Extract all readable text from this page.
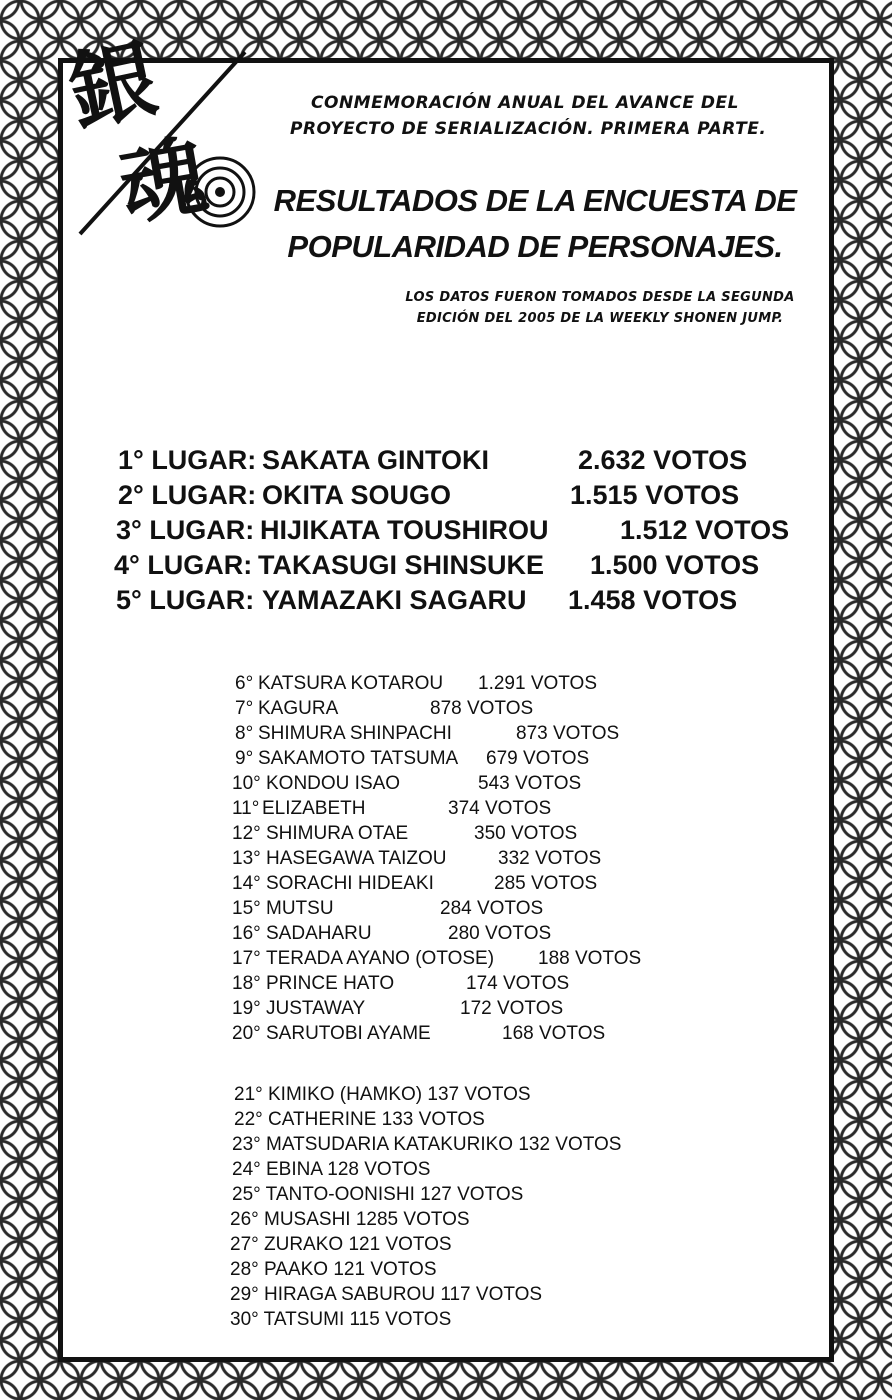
銀
魂
CONMEMORACIÓN ANUAL DEL AVANCE DEL
PROYECTO DE SERIALIZACIÓN. PRIMERA PARTE.
RESULTADOS DE LA ENCUESTA DE
POPULARIDAD DE PERSONAJES.
LOS DATOS FUERON TOMADOS DESDE LA SEGUNDA
EDICIÓN DEL 2005 DE LA WEEKLY SHONEN JUMP.
1° LUGAR: SAKATA GINTOKI	2.632 VOTOS
2° LUGAR: OKITA SOUGO	1.515 VOTOS
3° LUGAR: HIJIKATA TOUSHIROU	1.512 VOTOS
4° LUGAR: TAKASUGI SHINSUKE 1.500 VOTOS
5° LUGAR: YAMAZAKI SAGARU 1.458 VOTOS
6° KATSURA KOTAROU 1.291 VOTOS
7° KAGURA	878 VOTOS
8° SHIMURA SHINPACHI	873 VOTOS
9° SAKAMOTO TATSUMA 679 VOTOS
10° KONDOU ISAO	543 VOTOS
11° ELIZABETH	374 VOTOS
12° SHIMURA OTAE	350 VOTOS
13° HASEGAWA TAIZOU	332 VOTOS
14° SORACHI HIDEAKI	285 VOTOS
15° MUTSU	284 VOTOS
16° SADAHARU	280 VOTOS
17° TERADA AYANO (OTOSE) 188 VOTOS
18° PRINCE HATO	174 VOTOS
19° JUSTAWAY	172 VOTOS
20° SARUTOBI AYAME	168 VOTOS
21° KIMIKO (HAMKO) 137 VOTOS
22° CATHERINE 133 VOTOS
23° MATSUDARIA KATAKURIKO 132 VOTOS
24° EBINA 128 VOTOS
25° TANTO-OONISHI 127 VOTOS
26° MUSASHI 1285 VOTOS
27° ZURAKO 121 VOTOS
28° PAAKO 121 VOTOS
29° HIRAGA SABUROU 117 VOTOS
30° TATSUMI 115 VOTOS
